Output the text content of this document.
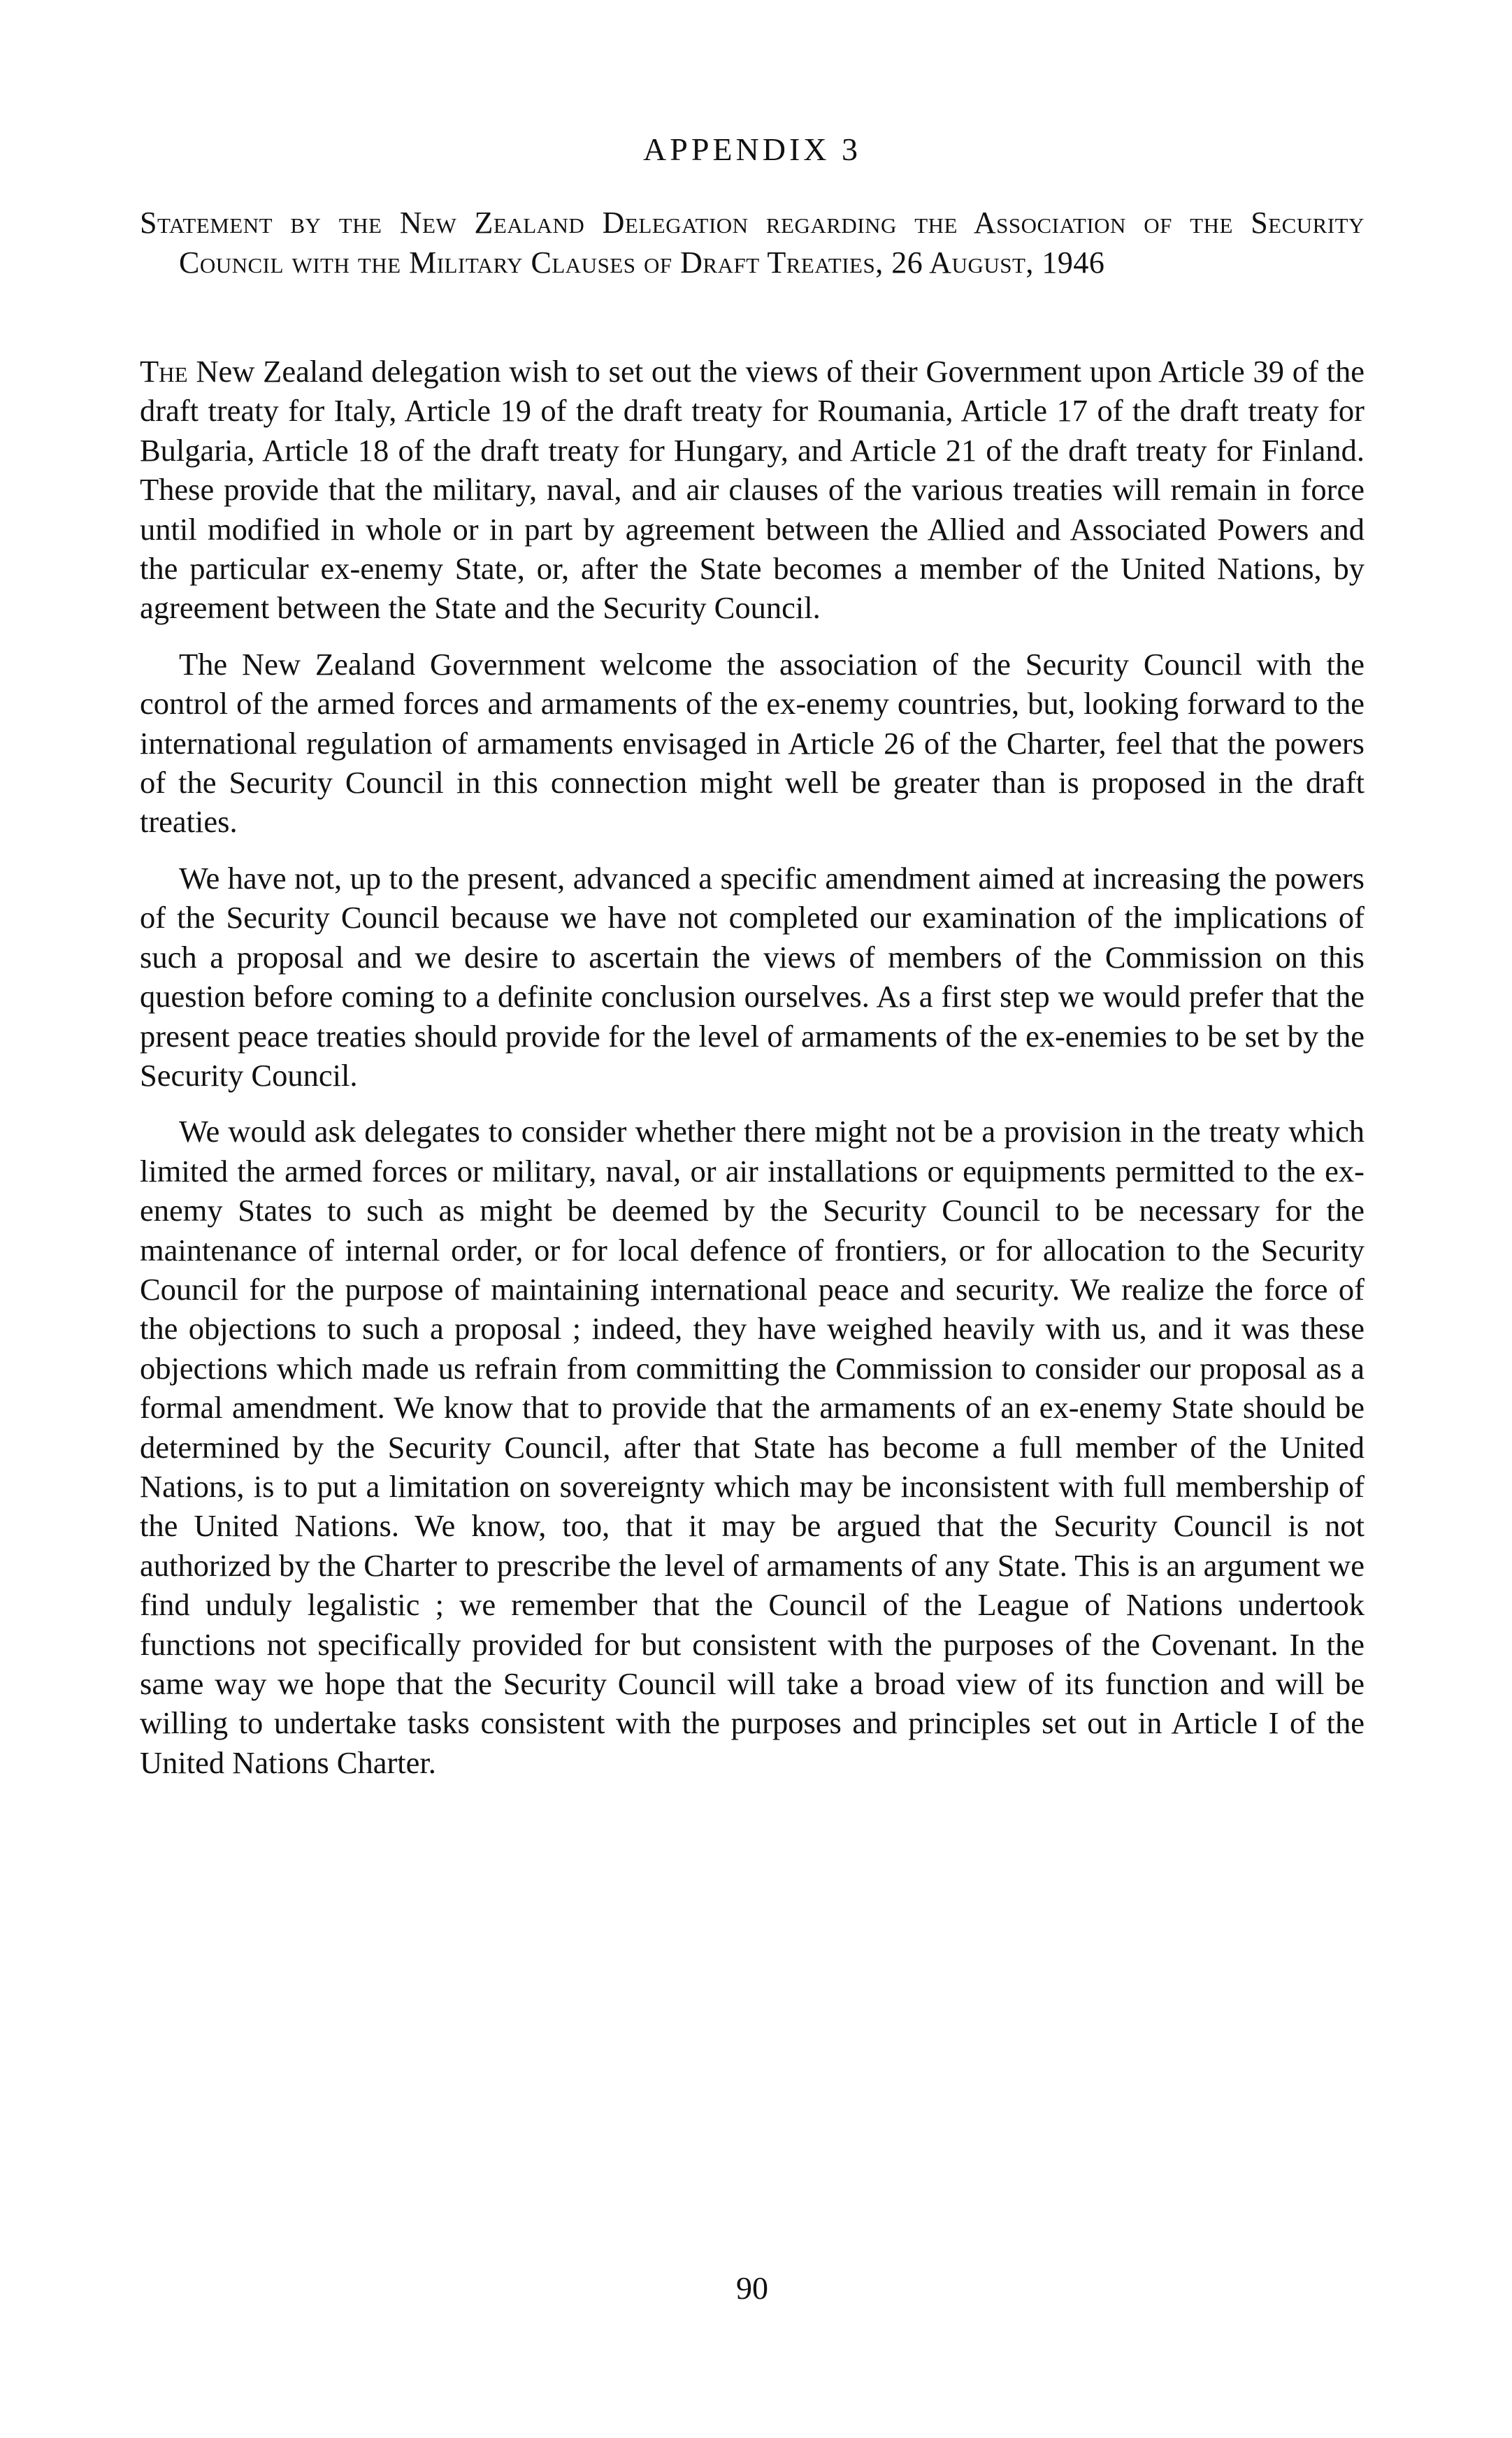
APPENDIX 3
Statement by the New Zealand Delegation regarding the Association of the Security Council with the Military Clauses of Draft Treaties, 26 August, 1946

The New Zealand delegation wish to set out the views of their Government upon Article 39 of the draft treaty for Italy, Article 19 of the draft treaty for Roumania, Article 17 of the draft treaty for Bulgaria, Article 18 of the draft treaty for Hungary, and Article 21 of the draft treaty for Finland. These provide that the military, naval, and air clauses of the various treaties will remain in force until modified in whole or in part by agreement between the Allied and Associated Powers and the particular ex-enemy State, or, after the State becomes a member of the United Nations, by agreement between the State and the Security Council.

The New Zealand Government welcome the association of the Security Council with the control of the armed forces and armaments of the ex-enemy countries, but, looking forward to the international regulation of armaments envisaged in Article 26 of the Charter, feel that the powers of the Security Council in this connection might well be greater than is proposed in the draft treaties.

We have not, up to the present, advanced a specific amendment aimed at increasing the powers of the Security Council because we have not completed our examination of the implications of such a proposal and we desire to ascertain the views of members of the Commission on this question before coming to a definite conclusion ourselves. As a first step we would prefer that the present peace treaties should provide for the level of armaments of the ex-enemies to be set by the Security Council.

We would ask delegates to consider whether there might not be a provision in the treaty which limited the armed forces or military, naval, or air installations or equipments permitted to the ex-enemy States to such as might be deemed by the Security Council to be necessary for the maintenance of internal order, or for local defence of frontiers, or for allocation to the Security Council for the purpose of maintaining international peace and security. We realize the force of the objections to such a proposal ; indeed, they have weighed heavily with us, and it was these objections which made us refrain from committing the Commission to consider our proposal as a formal amendment. We know that to provide that the armaments of an ex-enemy State should be determined by the Security Council, after that State has become a full member of the United Nations, is to put a limitation on sovereignty which may be inconsistent with full membership of the United Nations. We know, too, that it may be argued that the Security Council is not authorized by the Charter to prescribe the level of armaments of any State. This is an argument we find unduly legalistic ; we remember that the Council of the League of Nations undertook functions not specifically provided for but consistent with the purposes of the Covenant. In the same way we hope that the Security Council will take a broad view of its function and will be willing to undertake tasks consistent with the purposes and principles set out in Article I of the United Nations Charter.

90
